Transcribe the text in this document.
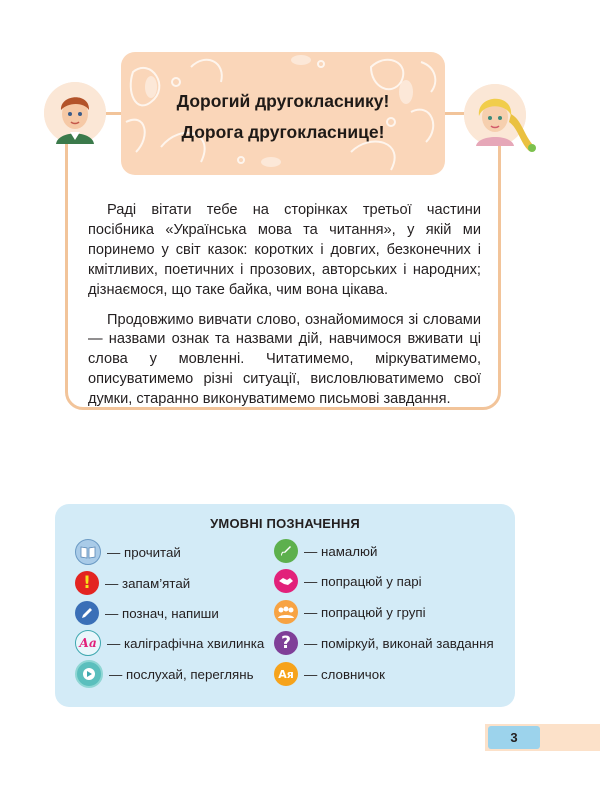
Дорогий другокласнику!
Дорога другокласнице!

Раді вітати тебе на сторінках третьої частини посібника «Українська мова та читання», у якій ми поринемо у світ казок: коротких і довгих, безконечних і кмітливих, поетичних і прозових, авторських і народних; дізнаємося, що таке байка, чим вона цікава.

Продовжимо вивчати слово, ознайомимося зі словами — назвами ознак та назвами дій, навчимося вживати ці слова у мовленні. Читатимемо, міркуватимемо, описуватимемо різні ситуації, висловлюватимемо свої думки, старанно виконуватимемо письмові завдання.

УМОВНІ ПОЗНАЧЕННЯ
— прочитай
! — запам’ятай
— познач, напиши
Аа — каліграфічна хвилинка
— послухай, переглянь
— намалюй
— попрацюй у парі
— попрацюй у групі
? — поміркуй, виконай завдання
Ая — словничок
3
